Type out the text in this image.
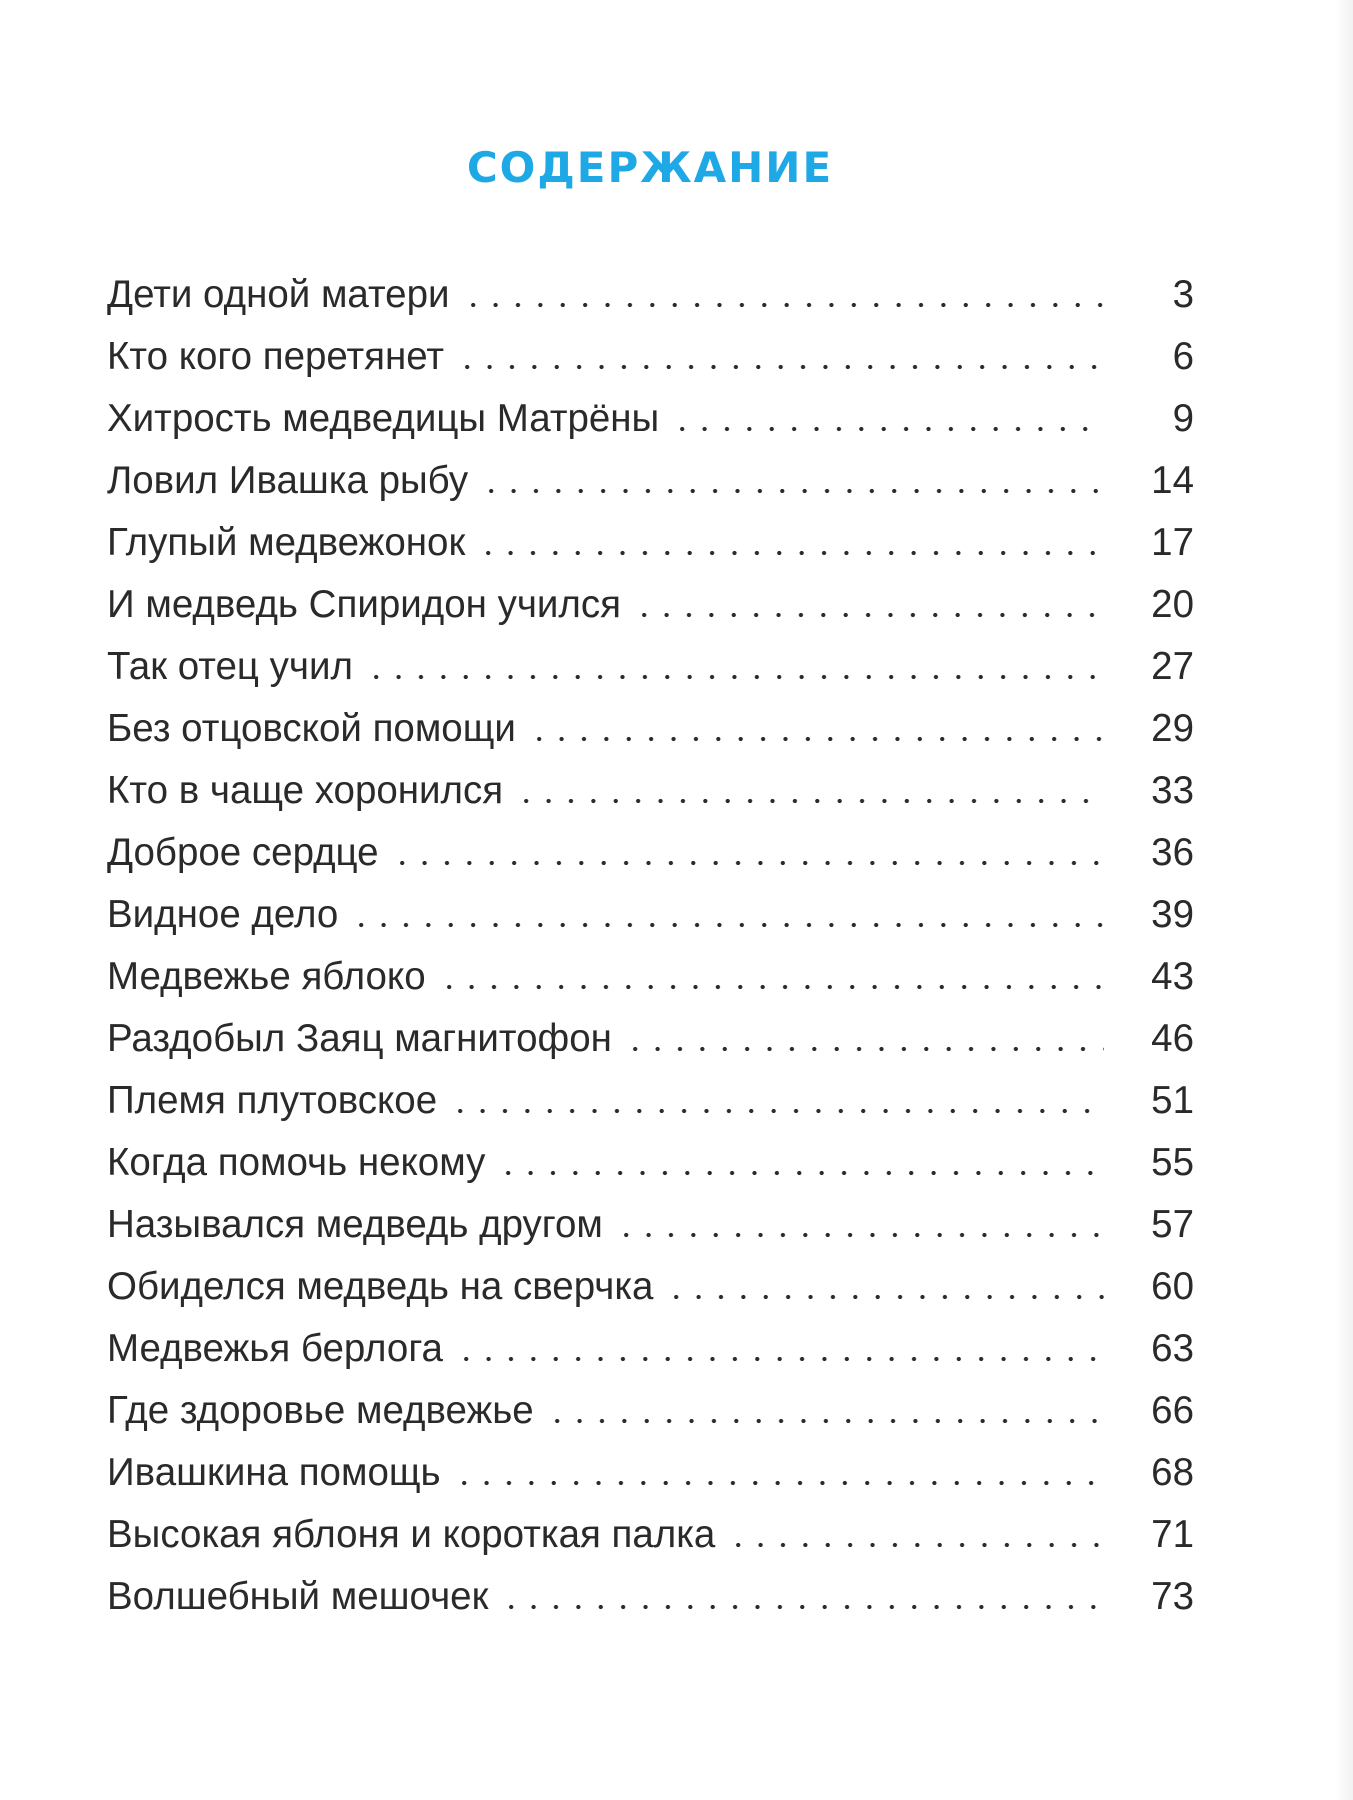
СОДЕРЖАНИЕ
Дети одной матери	3
Кто кого перетянет	6
Хитрость медведицы Матрёны	9
Ловил Ивашка рыбу	14
Глупый медвежонок	17
И медведь Спиридон учился	20
Так отец учил	27
Без отцовской помощи	29
Кто в чаще хоронился	33
Доброе сердце	36
Видное дело	39
Медвежье яблоко	43
Раздобыл Заяц магнитофон	46
Племя плутовское	51
Когда помочь некому	55
Назывался медведь другом	57
Обиделся медведь на сверчка	60
Медвежья берлога	63
Где здоровье медвежье	66
Ивашкина помощь	68
Высокая яблоня и короткая палка	71
Волшебный мешочек	73
